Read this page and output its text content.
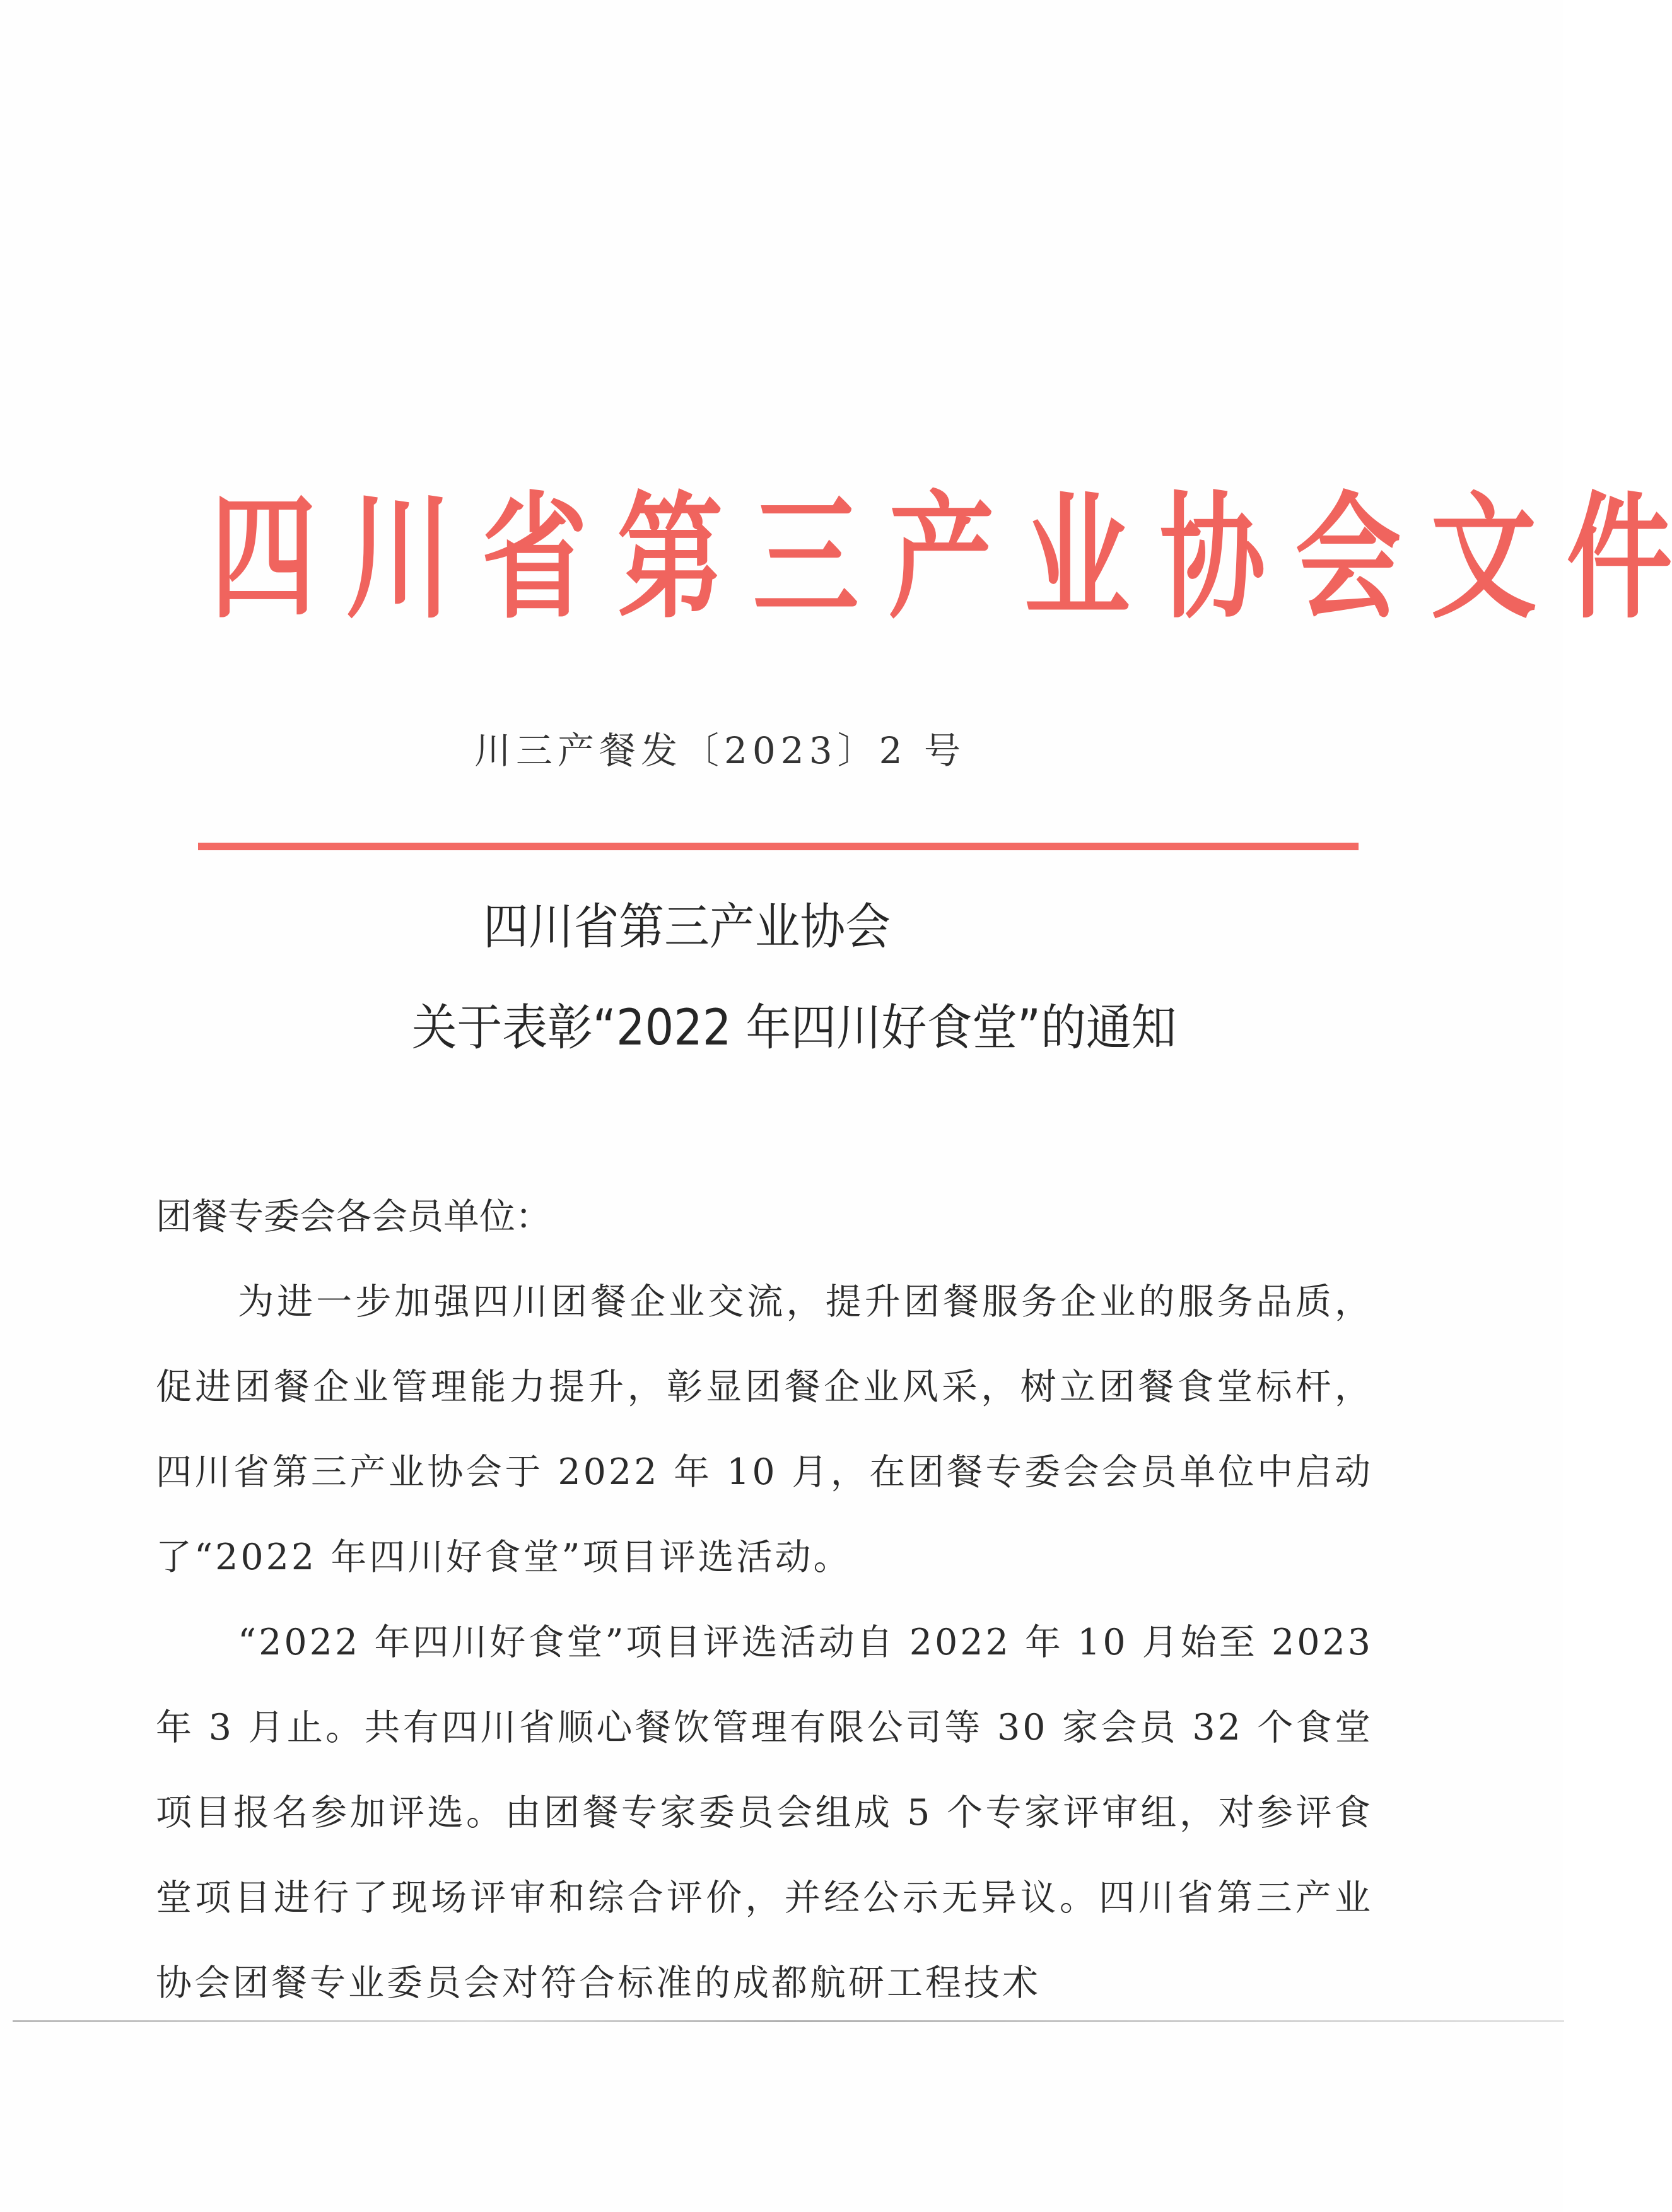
四 川 省 第 三 产 业 协 会 文 件
川三产餐发〔2023〕2 号
四川省第三产业协会
关于表彰“2022 年四川好食堂”的通知

团餐专委会各会员单位：

为进一步加强四川团餐企业交流，提升团餐服务企业的服务品质，促进团餐企业管理能力提升，彰显团餐企业风采，树立团餐食堂标杆，四川省第三产业协会于 2022 年 10 月，在团餐专委会会员单位中启动了“2022 年四川好食堂”项目评选活动。

“2022 年四川好食堂”项目评选活动自 2022 年 10 月始至 2023 年 3 月止。共有四川省顺心餐饮管理有限公司等 30 家会员 32 个食堂项目报名参加评选。由团餐专家委员会组成 5 个专家评审组，对参评食堂项目进行了现场评审和综合评价，并经公示无异议。四川省第三产业协会团餐专业委员会对符合标准的成都航研工程技术
